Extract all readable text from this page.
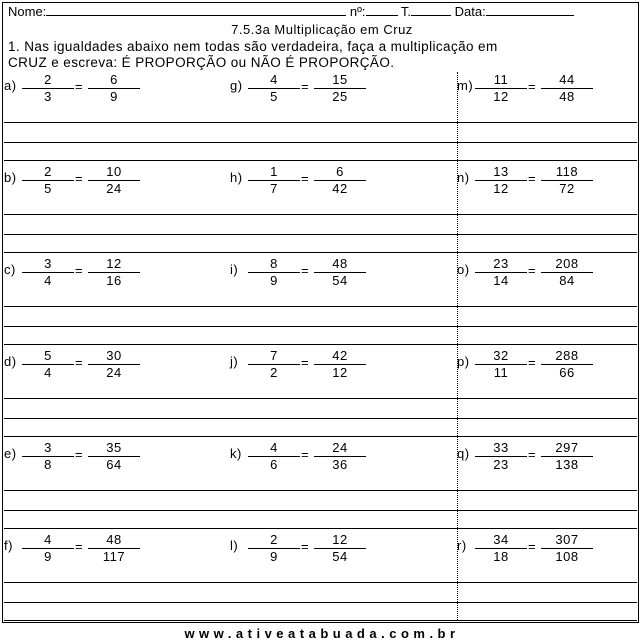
Nome:	nº:	T.	Data:
7.5.3a Multiplicação em Cruz
1. Nas igualdades abaixo nem todas são verdadeira, faça a multiplicação em
CRUZ e escreva: É PROPORÇÃO ou NÃO É PROPORÇÃO.
a)	2
3
=	6
9
g)	4
5
=	15
25
m)	11
12
=	44
48
b)	2
5
=	10
24
h)	1
7
=	6
42
n)	13
12
=	118
72
c)	3
4
=	12
16
i)	8
9
=	48
54
o)	23
14
=	208
84
d)	5
4
=	30
24
j)	7
2
=	42
12
p)	32
11
=	288
66
e)	3
8
=	35
64
k)	4
6
=	24
36
q)	33
23
=	297
138
f)	4
9
=	48
117
l)	2
9
=	12
54
r)	34
18
=	307
108
www.ativeatabuada.com.br
